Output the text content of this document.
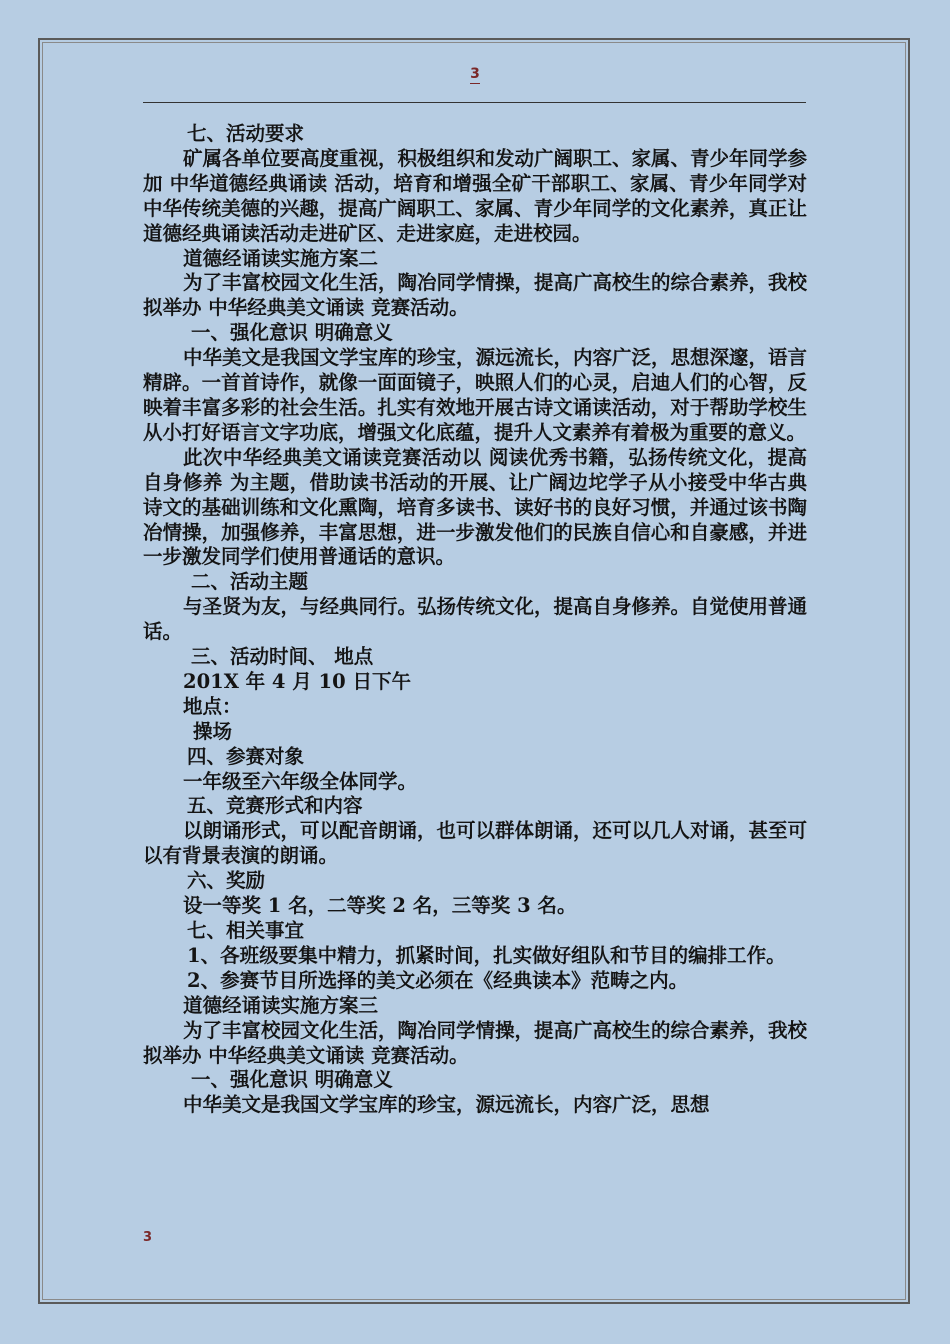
3

七、活动要求

矿属各单位要高度重视，积极组织和发动广阔职工、家属、青少年同学参加 中华道德经典诵读 活动，培育和增强全矿干部职工、家属、青少年同学对中华传统美德的兴趣，提高广阔职工、家属、青少年同学的文化素养，真正让道德经典诵读活动走进矿区、走进家庭，走进校园。

道德经诵读实施方案二

为了丰富校园文化生活，陶冶同学情操，提高广高校生的综合素养，我校拟举办 中华经典美文诵读 竞赛活动。

一、强化意识 明确意义

中华美文是我国文学宝库的珍宝，源远流长，内容广泛，思想深邃，语言精辟。一首首诗作，就像一面面镜子，映照人们的心灵，启迪人们的心智，反映着丰富多彩的社会生活。扎实有效地开展古诗文诵读活动，对于帮助学校生从小打好语言文字功底，增强文化底蕴，提升人文素养有着极为重要的意义。

此次中华经典美文诵读竞赛活动以 阅读优秀书籍，弘扬传统文化，提高自身修养 为主题，借助读书活动的开展、让广阔边坨学子从小接受中华古典诗文的基础训练和文化熏陶，培育多读书、读好书的良好习惯，并通过该书陶冶情操，加强修养，丰富思想，进一步激发他们的民族自信心和自豪感，并进一步激发同学们使用普通话的意识。

二、活动主题

与圣贤为友，与经典同行。弘扬传统文化，提高自身修养。自觉使用普通话。

三、活动时间、 地点

201X 年 4 月 10 日下午

地点：

操场

四、参赛对象

一年级至六年级全体同学。

五、竞赛形式和内容

以朗诵形式，可以配音朗诵，也可以群体朗诵，还可以几人对诵，甚至可以有背景表演的朗诵。

六、奖励

设一等奖 1 名，二等奖 2 名，三等奖 3 名。

七、相关事宜

1、各班级要集中精力，抓紧时间，扎实做好组队和节目的编排工作。

2、参赛节目所选择的美文必须在《经典读本》范畴之内。

道德经诵读实施方案三

为了丰富校园文化生活，陶冶同学情操，提高广高校生的综合素养，我校拟举办 中华经典美文诵读 竞赛活动。

一、强化意识 明确意义

中华美文是我国文学宝库的珍宝，源远流长，内容广泛，思想

3
